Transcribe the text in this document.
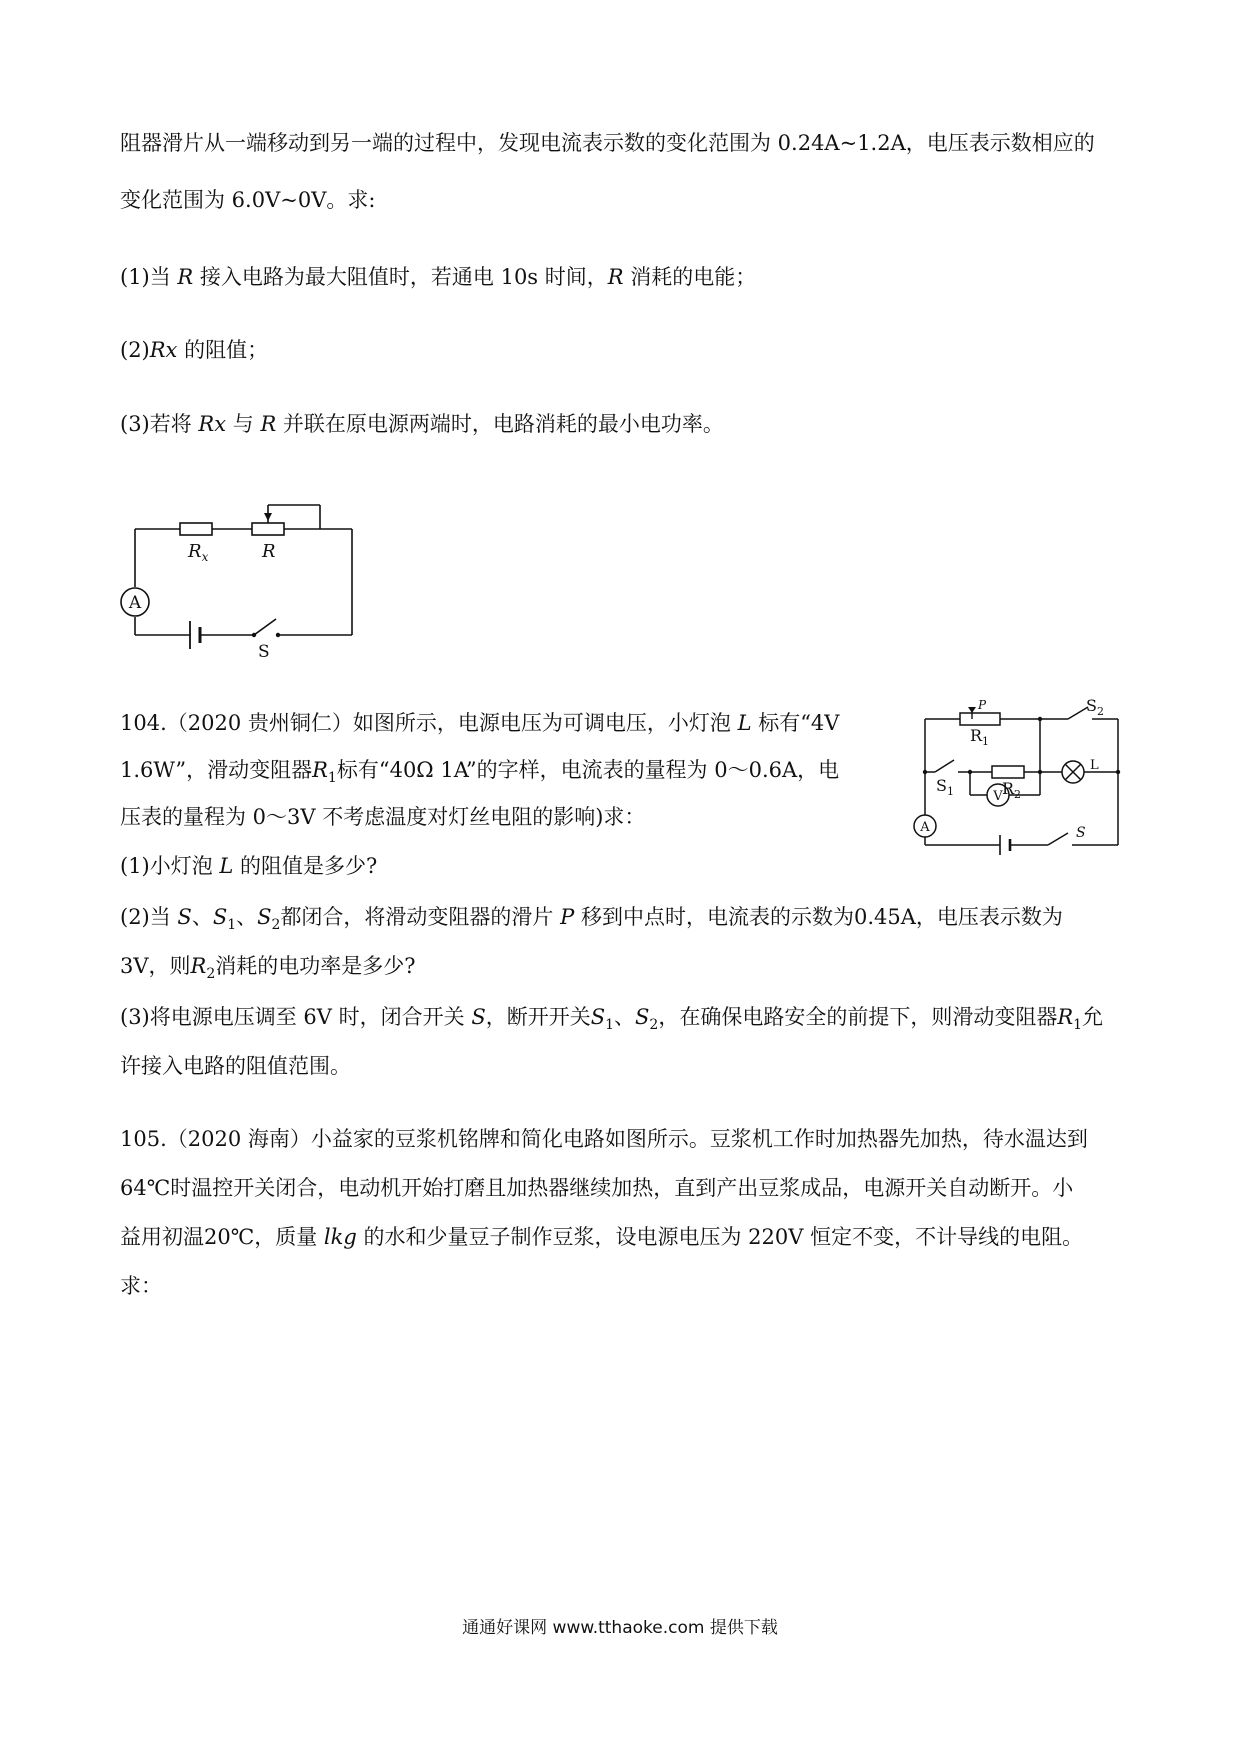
阻器滑片从一端移动到另一端的过程中，发现电流表示数的变化范围为 0.24A~1.2A，电压表示数相应的
变化范围为 6.0V~0V。求:
(1)当 R 接入电路为最大阻值时，若通电 10s 时间，R 消耗的电能；
(2)Rx 的阻值；
(3)若将 Rx 与 R 并联在原电源两端时，电路消耗的最小电功率。
A
$R_x$	R
S
104.（2020 贵州铜仁）如图所示，电源电压为可调电压，小灯泡 L 标有“4V
1.6W”，滑动变阻器$R_1$标有“40Ω 1A”的字样，电流表的量程为 0～0.6A，电
压表的量程为 0～3V 不考虑温度对灯丝电阻的影响)求：
(1)小灯泡 L 的阻值是多少?
(2)当 S、$S_1$、$S_2$都闭合，将滑动变阻器的滑片 P 移到中点时，电流表的示数为0.45A，电压表示数为
3V，则$R_2$消耗的电功率是多少?
(3)将电源电压调至 6V 时，闭合开关 S，断开开关$S_1$、$S_2$，在确保电路安全的前提下，则滑动变阻器$R_1$允
许接入电路的阻值范围。
P
$R_1$
$S_1$	$R_2$
$S_2$
L
V
A	S
105.（2020 海南）小益家的豆浆机铭牌和简化电路如图所示。豆浆机工作时加热器先加热，待水温达到
64℃时温控开关闭合，电动机开始打磨且加热器继续加热，直到产出豆浆成品，电源开关自动断开。小
益用初温20℃，质量 lkg 的水和少量豆子制作豆浆，设电源电压为 220V 恒定不变，不计导线的电阻。
求：
通通好课网 www.tthaoke.com 提供下载
